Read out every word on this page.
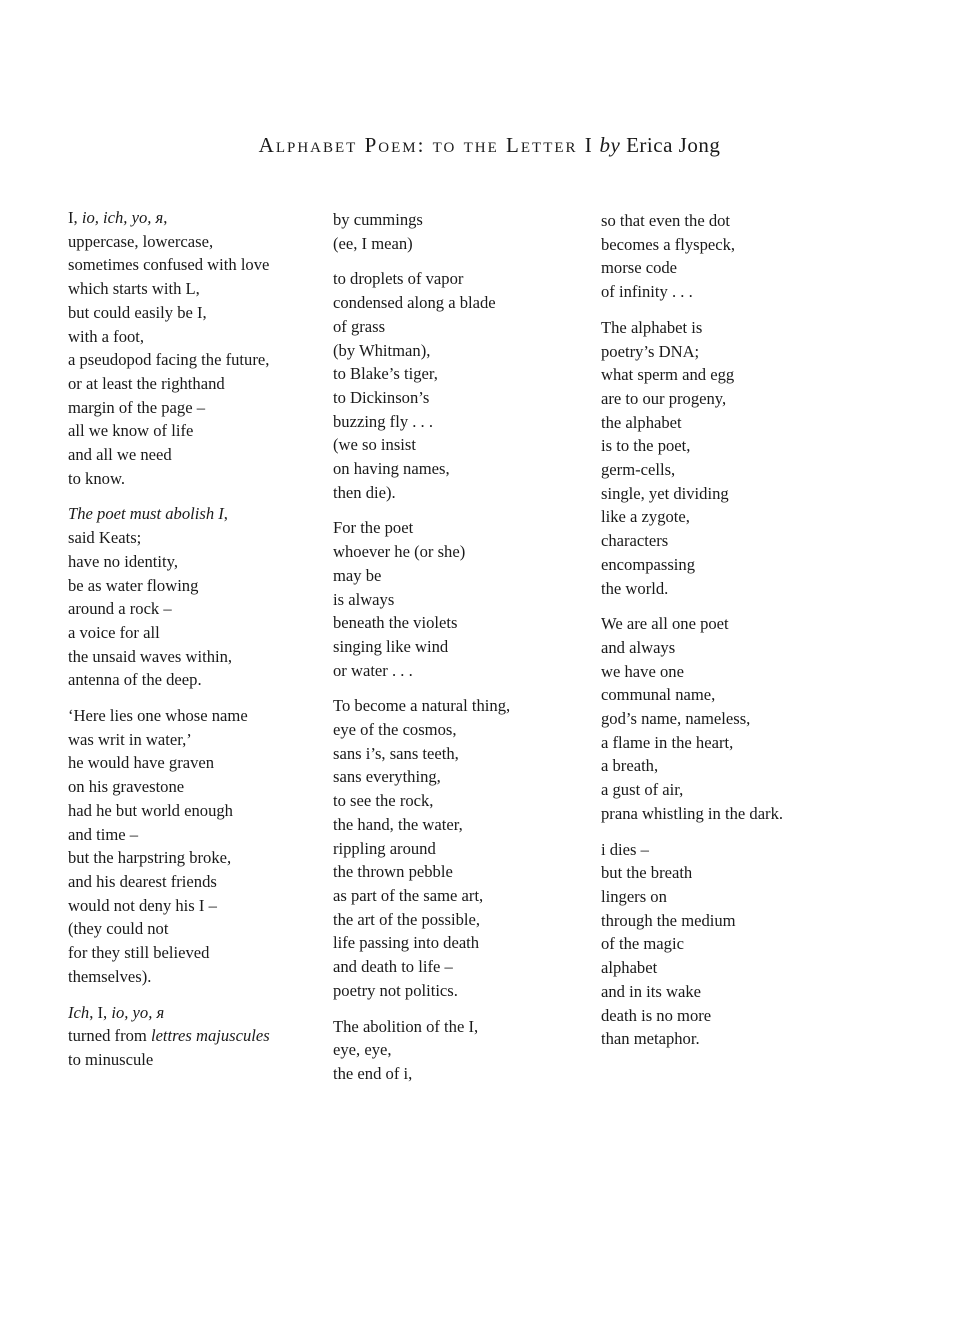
Alphabet Poem: to the Letter I by Erica Jong
I, io, ich, yo, я,
uppercase, lowercase,
sometimes confused with love
which starts with L,
but could easily be I,
with a foot,
a pseudopod facing the future,
or at least the righthand
margin of the page –
all we know of life
and all we need
to know.
The poet must abolish I,
said Keats;
have no identity,
be as water flowing
around a rock –
a voice for all
the unsaid waves within,
antenna of the deep.
‘Here lies one whose name
was writ in water,’
he would have graven
on his gravestone
had he but world enough
and time –
but the harpstring broke,
and his dearest friends
would not deny his I –
(they could not
for they still believed
themselves).
Ich, I, io, yo, я
turned from lettres majuscules
to minuscule
by cummings
(ee, I mean)
to droplets of vapor
condensed along a blade
of grass
(by Whitman),
to Blake’s tiger,
to Dickinson’s
buzzing fly . . .
(we so insist
on having names,
then die).
For the poet
whoever he (or she)
may be
is always
beneath the violets
singing like wind
or water . . .
To become a natural thing,
eye of the cosmos,
sans i’s, sans teeth,
sans everything,
to see the rock,
the hand, the water,
rippling around
the thrown pebble
as part of the same art,
the art of the possible,
life passing into death
and death to life –
poetry not politics.
The abolition of the I,
eye, eye,
the end of i,
so that even the dot
becomes a flyspeck,
morse code
of infinity . . .
The alphabet is
poetry’s DNA;
what sperm and egg
are to our progeny,
the alphabet
is to the poet,
germ-cells,
single, yet dividing
like a zygote,
characters
encompassing
the world.
We are all one poet
and always
we have one
communal name,
god’s name, nameless,
a flame in the heart,
a breath,
a gust of air,
prana whistling in the dark.
i dies –
but the breath
lingers on
through the medium
of the magic
alphabet
and in its wake
death is no more
than metaphor.
